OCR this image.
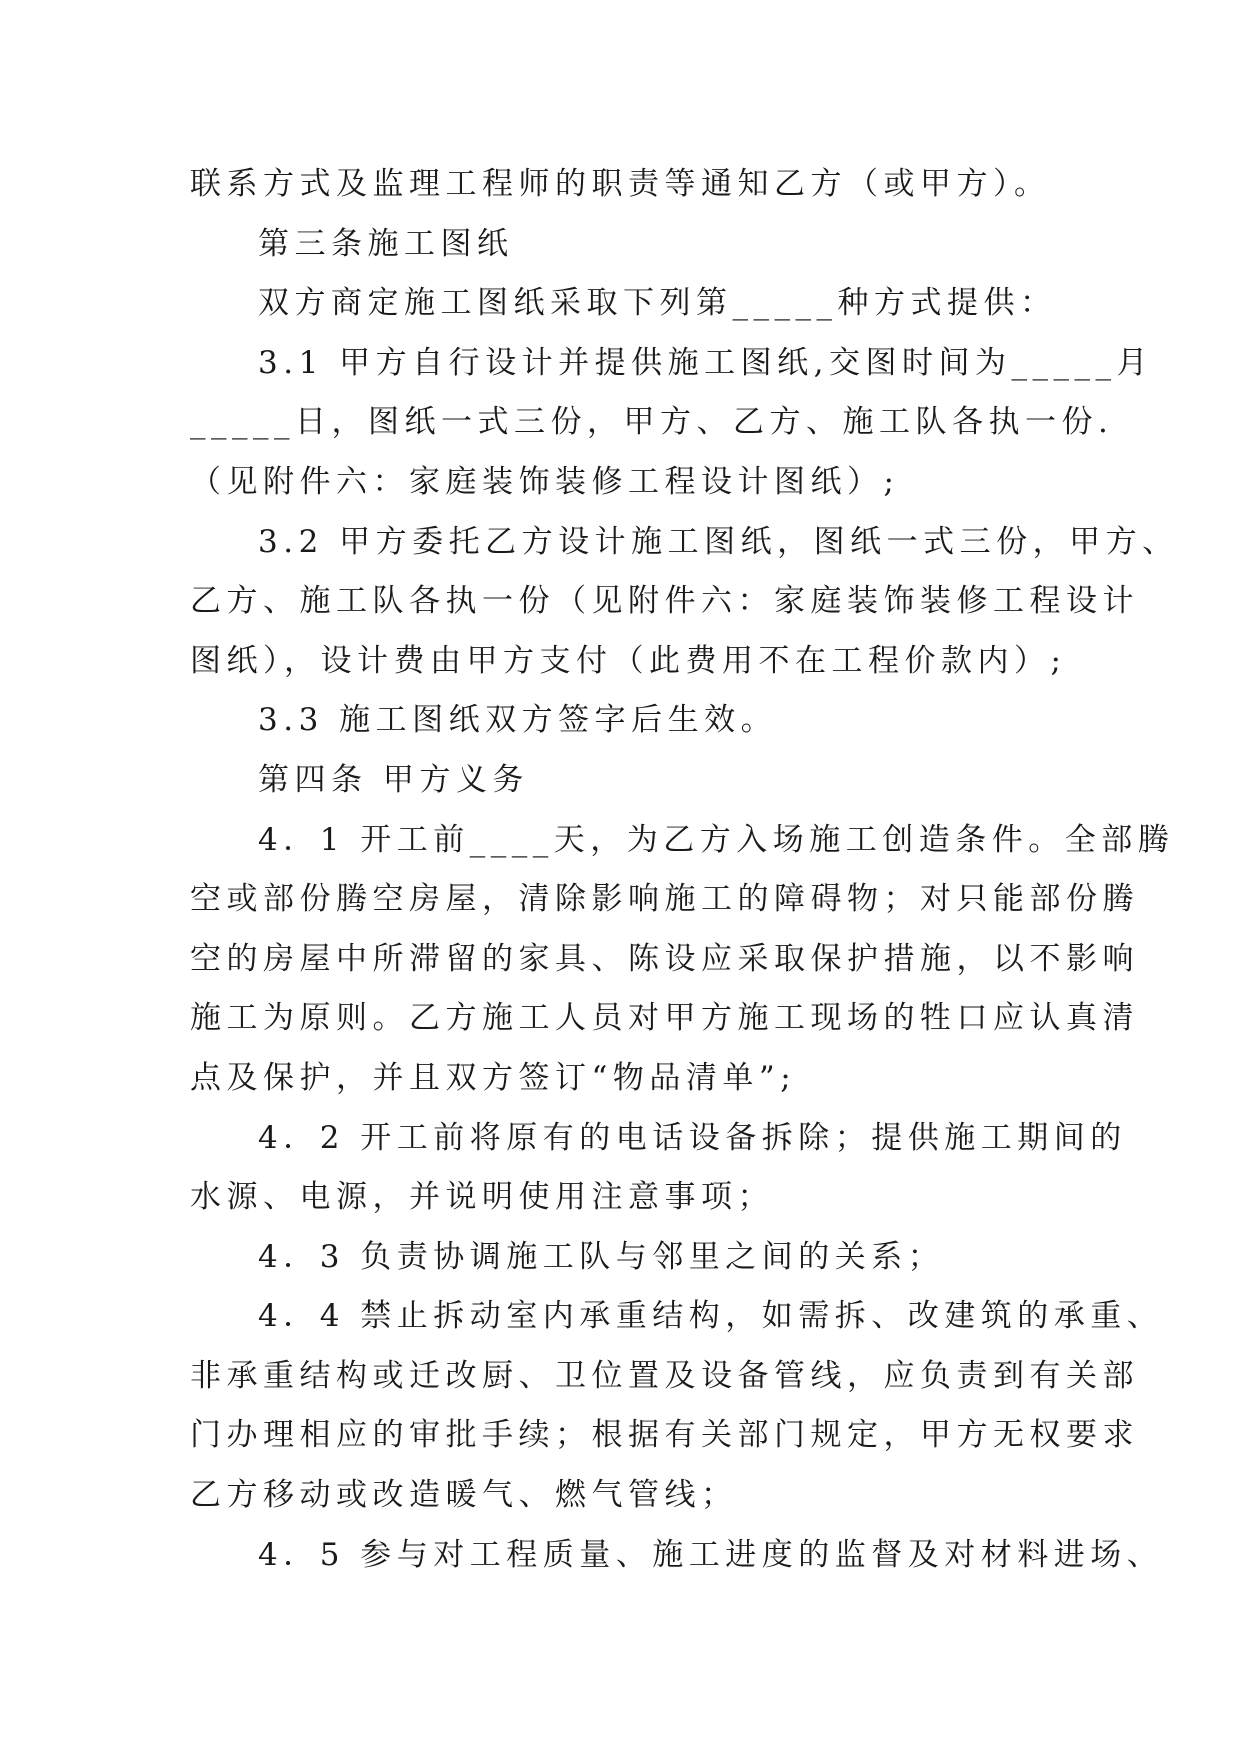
联系方式及监理工程师的职责等通知乙方（或甲方）。

第三条施工图纸

双方商定施工图纸采取下列第_____种方式提供：

3.1 甲方自行设计并提供施工图纸,交图时间为_____月

_____日，图纸一式三份，甲方、乙方、施工队各执一份.

（见附件六：家庭装饰装修工程设计图纸）;

3.2 甲方委托乙方设计施工图纸，图纸一式三份，甲方、

乙方、施工队各执一份（见附件六：家庭装饰装修工程设计

图纸），设计费由甲方支付（此费用不在工程价款内）;

3.3 施工图纸双方签字后生效。

第四条 甲方义务

4．1 开工前____天，为乙方入场施工创造条件。全部腾

空或部份腾空房屋，清除影响施工的障碍物；对只能部份腾

空的房屋中所滞留的家具、陈设应采取保护措施，以不影响

施工为原则。乙方施工人员对甲方施工现场的牲口应认真清

点及保护，并且双方签订“物品清单”;

4．2 开工前将原有的电话设备拆除；提供施工期间的

水源、电源，并说明使用注意事项；

4．3 负责协调施工队与邻里之间的关系；

4．4 禁止拆动室内承重结构，如需拆、改建筑的承重、

非承重结构或迁改厨、卫位置及设备管线，应负责到有关部

门办理相应的审批手续；根据有关部门规定，甲方无权要求

乙方移动或改造暖气、燃气管线；

4．5 参与对工程质量、施工进度的监督及对材料进场、
